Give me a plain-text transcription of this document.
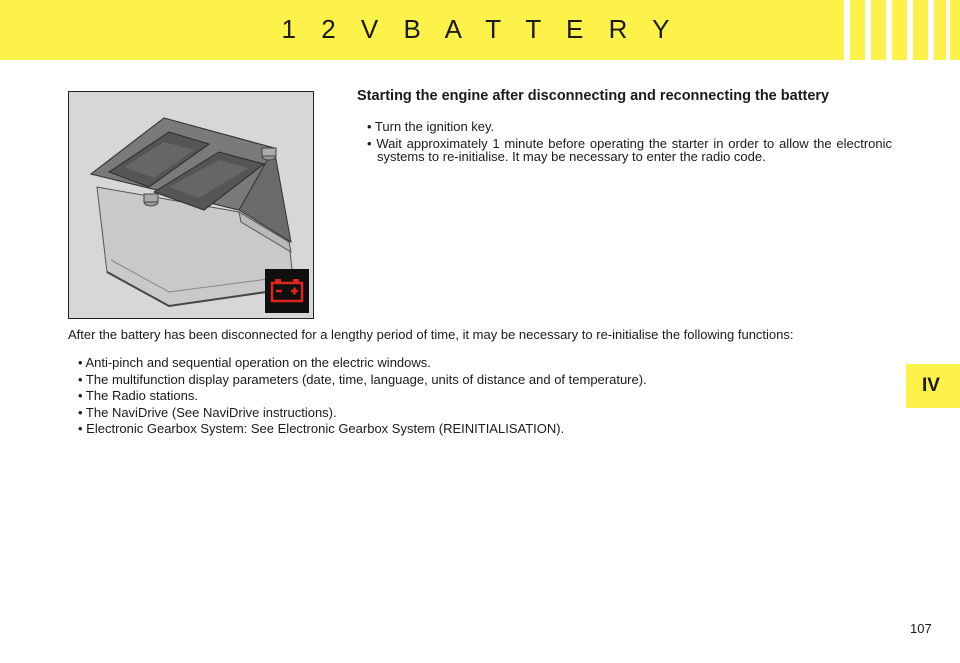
1 2 V B A T T E R Y
Starting the engine after disconnecting and reconnecting the battery
• Turn the ignition key.
• Wait approximately 1 minute before operating the starter in order to allow the electronic systems to re-initialise. It may be necessary to enter the radio code.
After the battery has been disconnected for a lengthy period of time, it may be necessary to re-initialise the following functions:
• Anti-pinch and sequential operation on the electric windows.
• The multifunction display parameters (date, time, language, units of distance and of temperature).
• The Radio stations.
• The NaviDrive (See NaviDrive instructions).
• Electronic Gearbox System: See Electronic Gearbox System (REINITIALISATION).
IV
107
